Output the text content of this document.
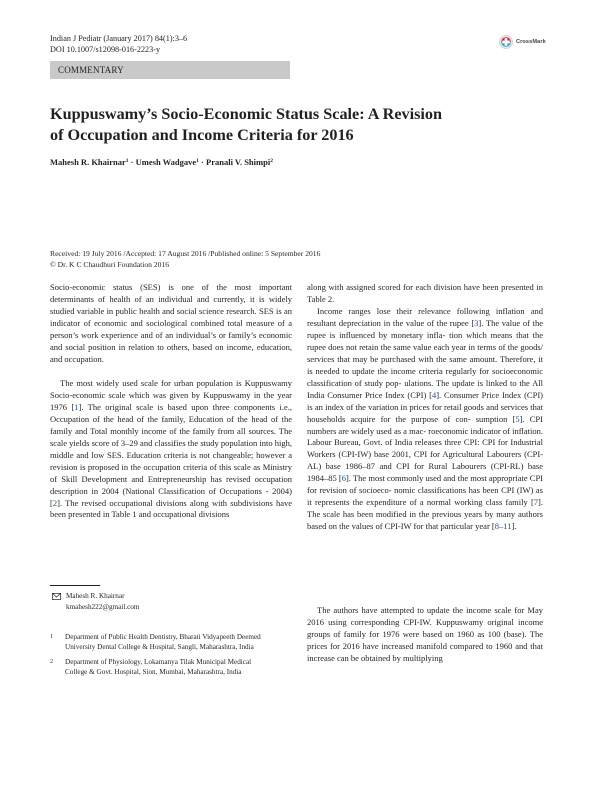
Indian J Pediatr (January 2017) 84(1):3–6
DOI 10.1007/s12098-016-2223-y
CrossMark
COMMENTARY
Kuppuswamy’s Socio-Economic Status Scale: A Revision
of Occupation and Income Criteria for 2016
Mahesh R. Khairnar$^1$ · Umesh Wadgave$^1$ · Pranali V. Shimpi$^2$
Received: 19 July 2016 /Accepted: 17 August 2016 /Published online: 5 September 2016
© Dr. K C Chaudhuri Foundation 2016
Socio-economic status (SES) is one of the most important determinants of health of an individual and currently, it is widely studied variable in public health and social science research. SES is an indicator of economic and sociological combined total measure of a person’s work experience and of an individual’s or family’s economic and social position in relation to others, based on income, education, and occupation.
The most widely used scale for urban population is Kuppuswamy Socio-economic scale which was given by Kuppuswamy in the year 1976 [1]. The original scale is based upon three components i.e., Occupation of the head of the family, Education of the head of the family and Total monthly income of the family from all sources. The scale yields score of 3–29 and classifies the study population into high, middle and low SES. Education criteria is not changeable; however a revision is proposed in the occupation criteria of this scale as Ministry of Skill Development and Entrepreneurship has revised occupation description in 2004 (National Classification of Occupations - 2004) [2]. The revised occupational divisions along with subdivisions have been presented in Table 1 and occupational divisions
along with assigned scored for each division have been presented in Table 2.
Income ranges lose their relevance following inflation and resultant depreciation in the value of the rupee [3]. The value of the rupee is influenced by monetary infla- tion which means that the rupee does not retain the same value each year in terms of the goods/ services that may be purchased with the same amount. Therefore, it is needed to update the income criteria regularly for socioeconomic classification of study pop- ulations. The update is linked to the All India Consumer Price Index (CPI) [4]. Consumer Price Index (CPI) is an index of the variation in prices for retail goods and services that households acquire for the purpose of con- sumption [5]. CPI numbers are widely used as a mac- roeconomic indicator of inflation. Labour Bureau, Govt. of India releases three CPI: CPI for Industrial Workers (CPI-IW) base 2001, CPI for Agricultural Labourers (CPI-AL) base 1986–87 and CPI for Rural Labourers (CPI-RL) base 1984–85 [6]. The most commonly used and the most appropriate CPI for revision of socioeco- nomic classifications has been CPI (IW) as it represents the expenditure of a normal working class family [7]. The scale has been modified in the previous years by many authors based on the values of CPI-IW for that particular year [8–11].
The authors have attempted to update the income scale for May 2016 using corresponding CPI-IW. Kuppuswamy original income groups of family for 1976 were based on 1960 as 100 (base). The prices for 2016 have increased manifold compared to 1960 and that increase can be obtained by multiplying
Mahesh R. Khairnar
kmahesh222@gmail.com
1 Department of Public Health Dentistry, Bharati Vidyapeeth Deemed
University Dental College & Hospital, Sangli, Maharashtra, India
2 Department of Physiology, Lokamanya Tilak Municipal Medical
College & Govt. Hospital, Sion, Mumbai, Maharashtra, India
